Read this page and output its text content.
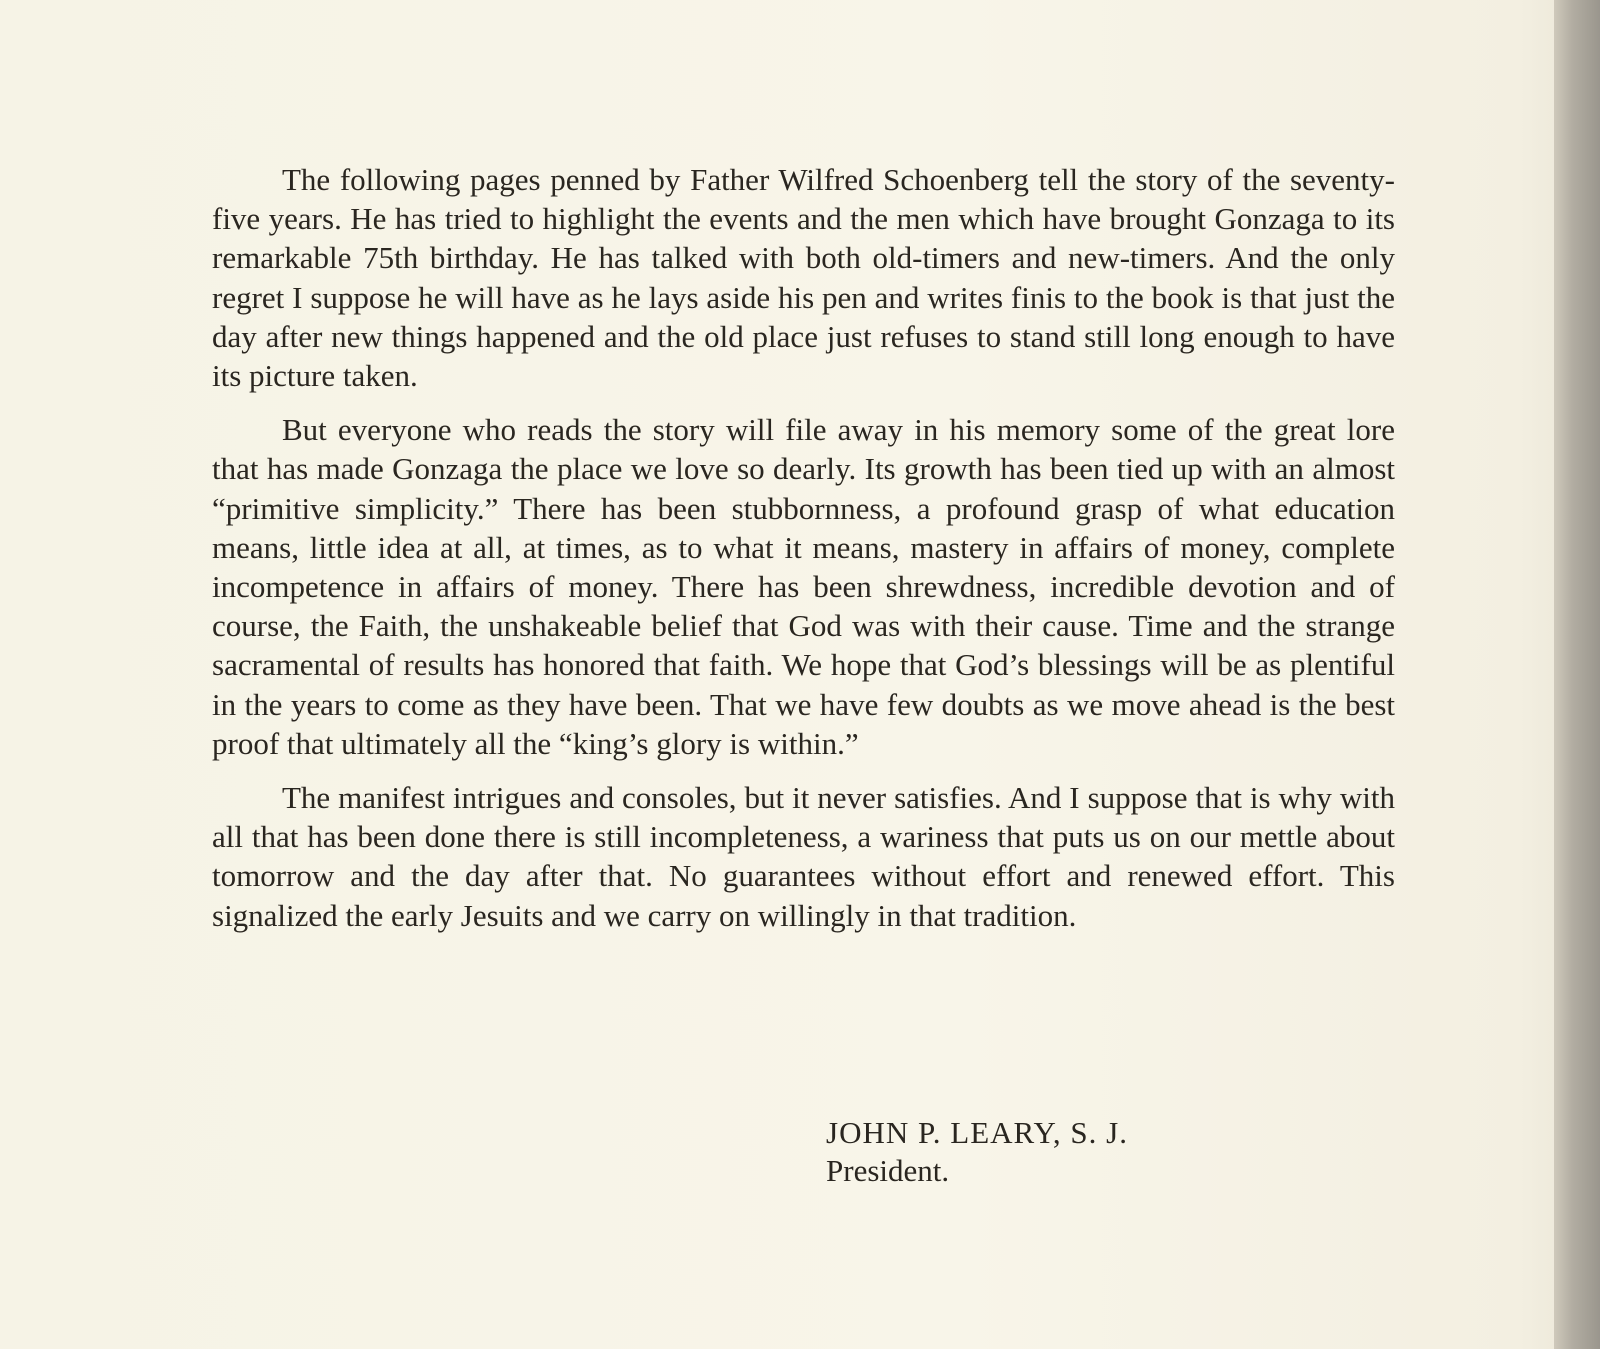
The following pages penned by Father Wilfred Schoenberg tell the story of the seventy-five years. He has tried to highlight the events and the men which have brought Gonzaga to its remarkable 75th birthday. He has talked with both old-timers and new-timers. And the only regret I suppose he will have as he lays aside his pen and writes finis to the book is that just the day after new things happened and the old place just refuses to stand still long enough to have its picture taken.

But everyone who reads the story will file away in his memory some of the great lore that has made Gonzaga the place we love so dearly. Its growth has been tied up with an almost “primitive simplicity.” There has been stubbornness, a profound grasp of what education means, little idea at all, at times, as to what it means, mastery in affairs of money, complete incompetence in affairs of money. There has been shrewdness, incredible devotion and of course, the Faith, the unshakeable belief that God was with their cause. Time and the strange sacramental of results has honored that faith. We hope that God’s blessings will be as plentiful in the years to come as they have been. That we have few doubts as we move ahead is the best proof that ultimately all the “king’s glory is within.”

The manifest intrigues and consoles, but it never satisfies. And I suppose that is why with all that has been done there is still incompleteness, a wariness that puts us on our mettle about tomorrow and the day after that. No guarantees without effort and renewed effort. This signalized the early Jesuits and we carry on willingly in that tradition.

JOHN P. LEARY, S. J.
President.
